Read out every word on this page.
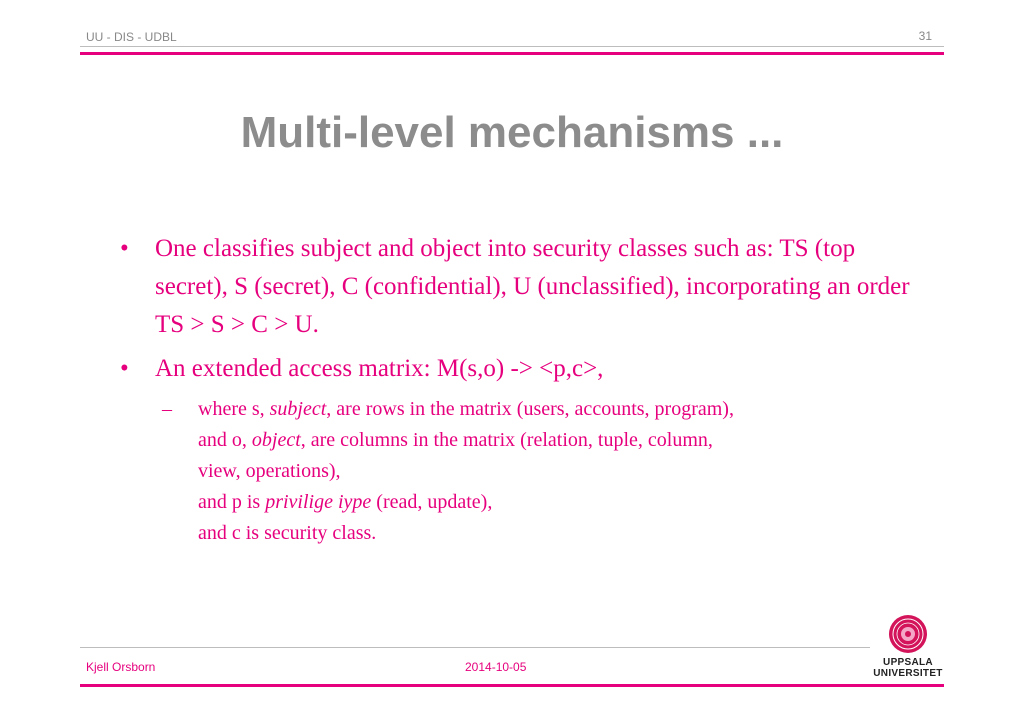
UU - DIS - UDBL	31
Multi-level mechanisms ...
• One classifies subject and object into security classes such as: TS (top secret), S (secret), C (confidential), U (unclassified), incorporating an order TS > S > C > U.
• An extended access matrix: M(s,o) -> <p,c>,
– where s, subject, are rows in the matrix (users, accounts, program),
and o, object, are columns in the matrix (relation, tuple, column,
view, operations),
and p is privilige iype (read, update),
and c is security class.
Kjell Orsborn	2014-10-05	UPPSALA
UNIVERSITET
